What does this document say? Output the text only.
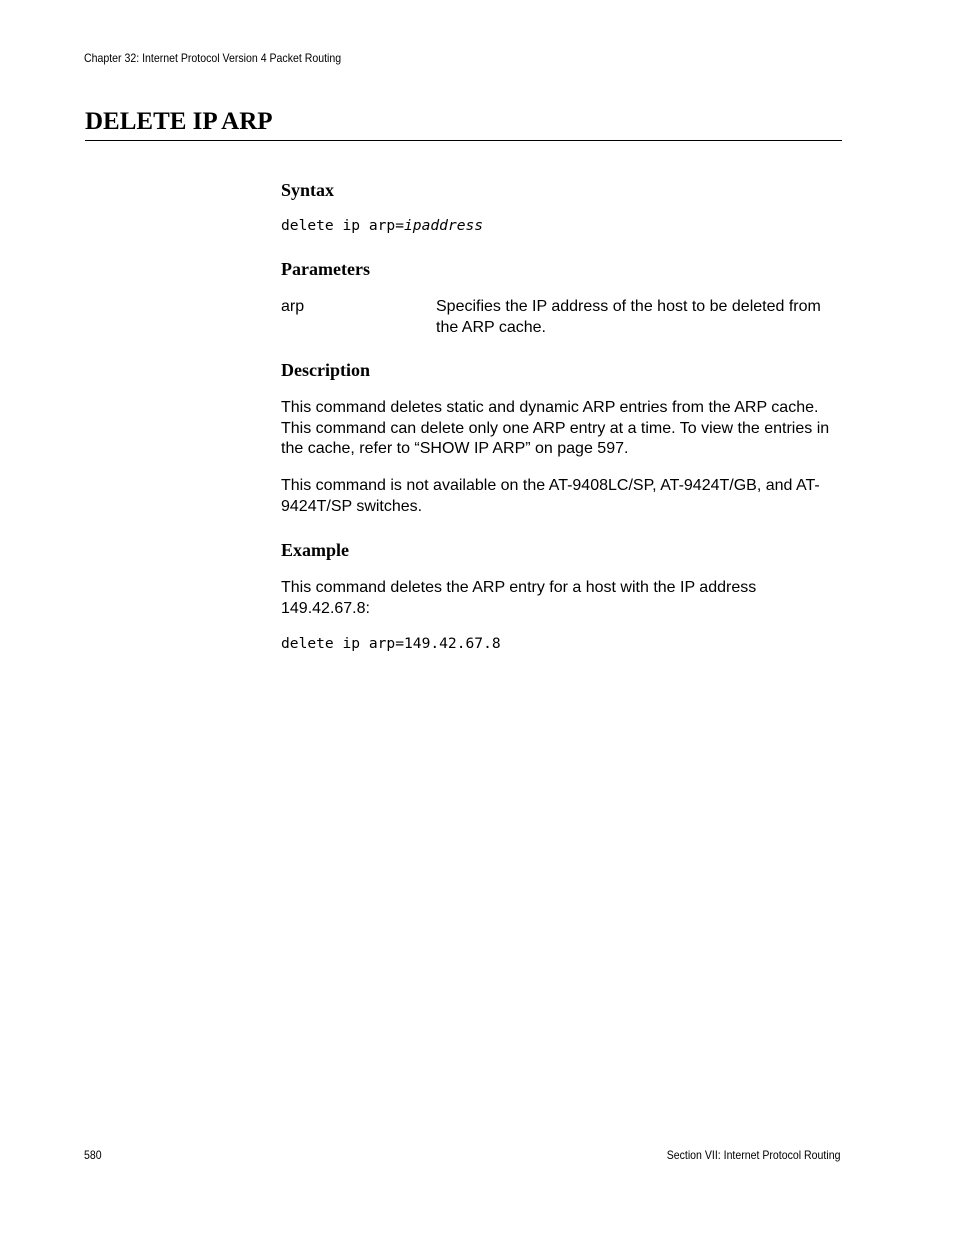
Chapter 32: Internet Protocol Version 4 Packet Routing
DELETE IP ARP
Syntax

delete ip arp=ipaddress

Parameters

arp	Specifies the IP address of the host to be deleted from the ARP cache.

Description

This command deletes static and dynamic ARP entries from the ARP cache. This command can delete only one ARP entry at a time. To view the entries in the cache, refer to “SHOW IP ARP” on page 597.

This command is not available on the AT-9408LC/SP, AT-9424T/GB, and AT-9424T/SP switches.

Example

This command deletes the ARP entry for a host with the IP address 149.42.67.8:

delete ip arp=149.42.67.8

580	Section VII: Internet Protocol Routing
